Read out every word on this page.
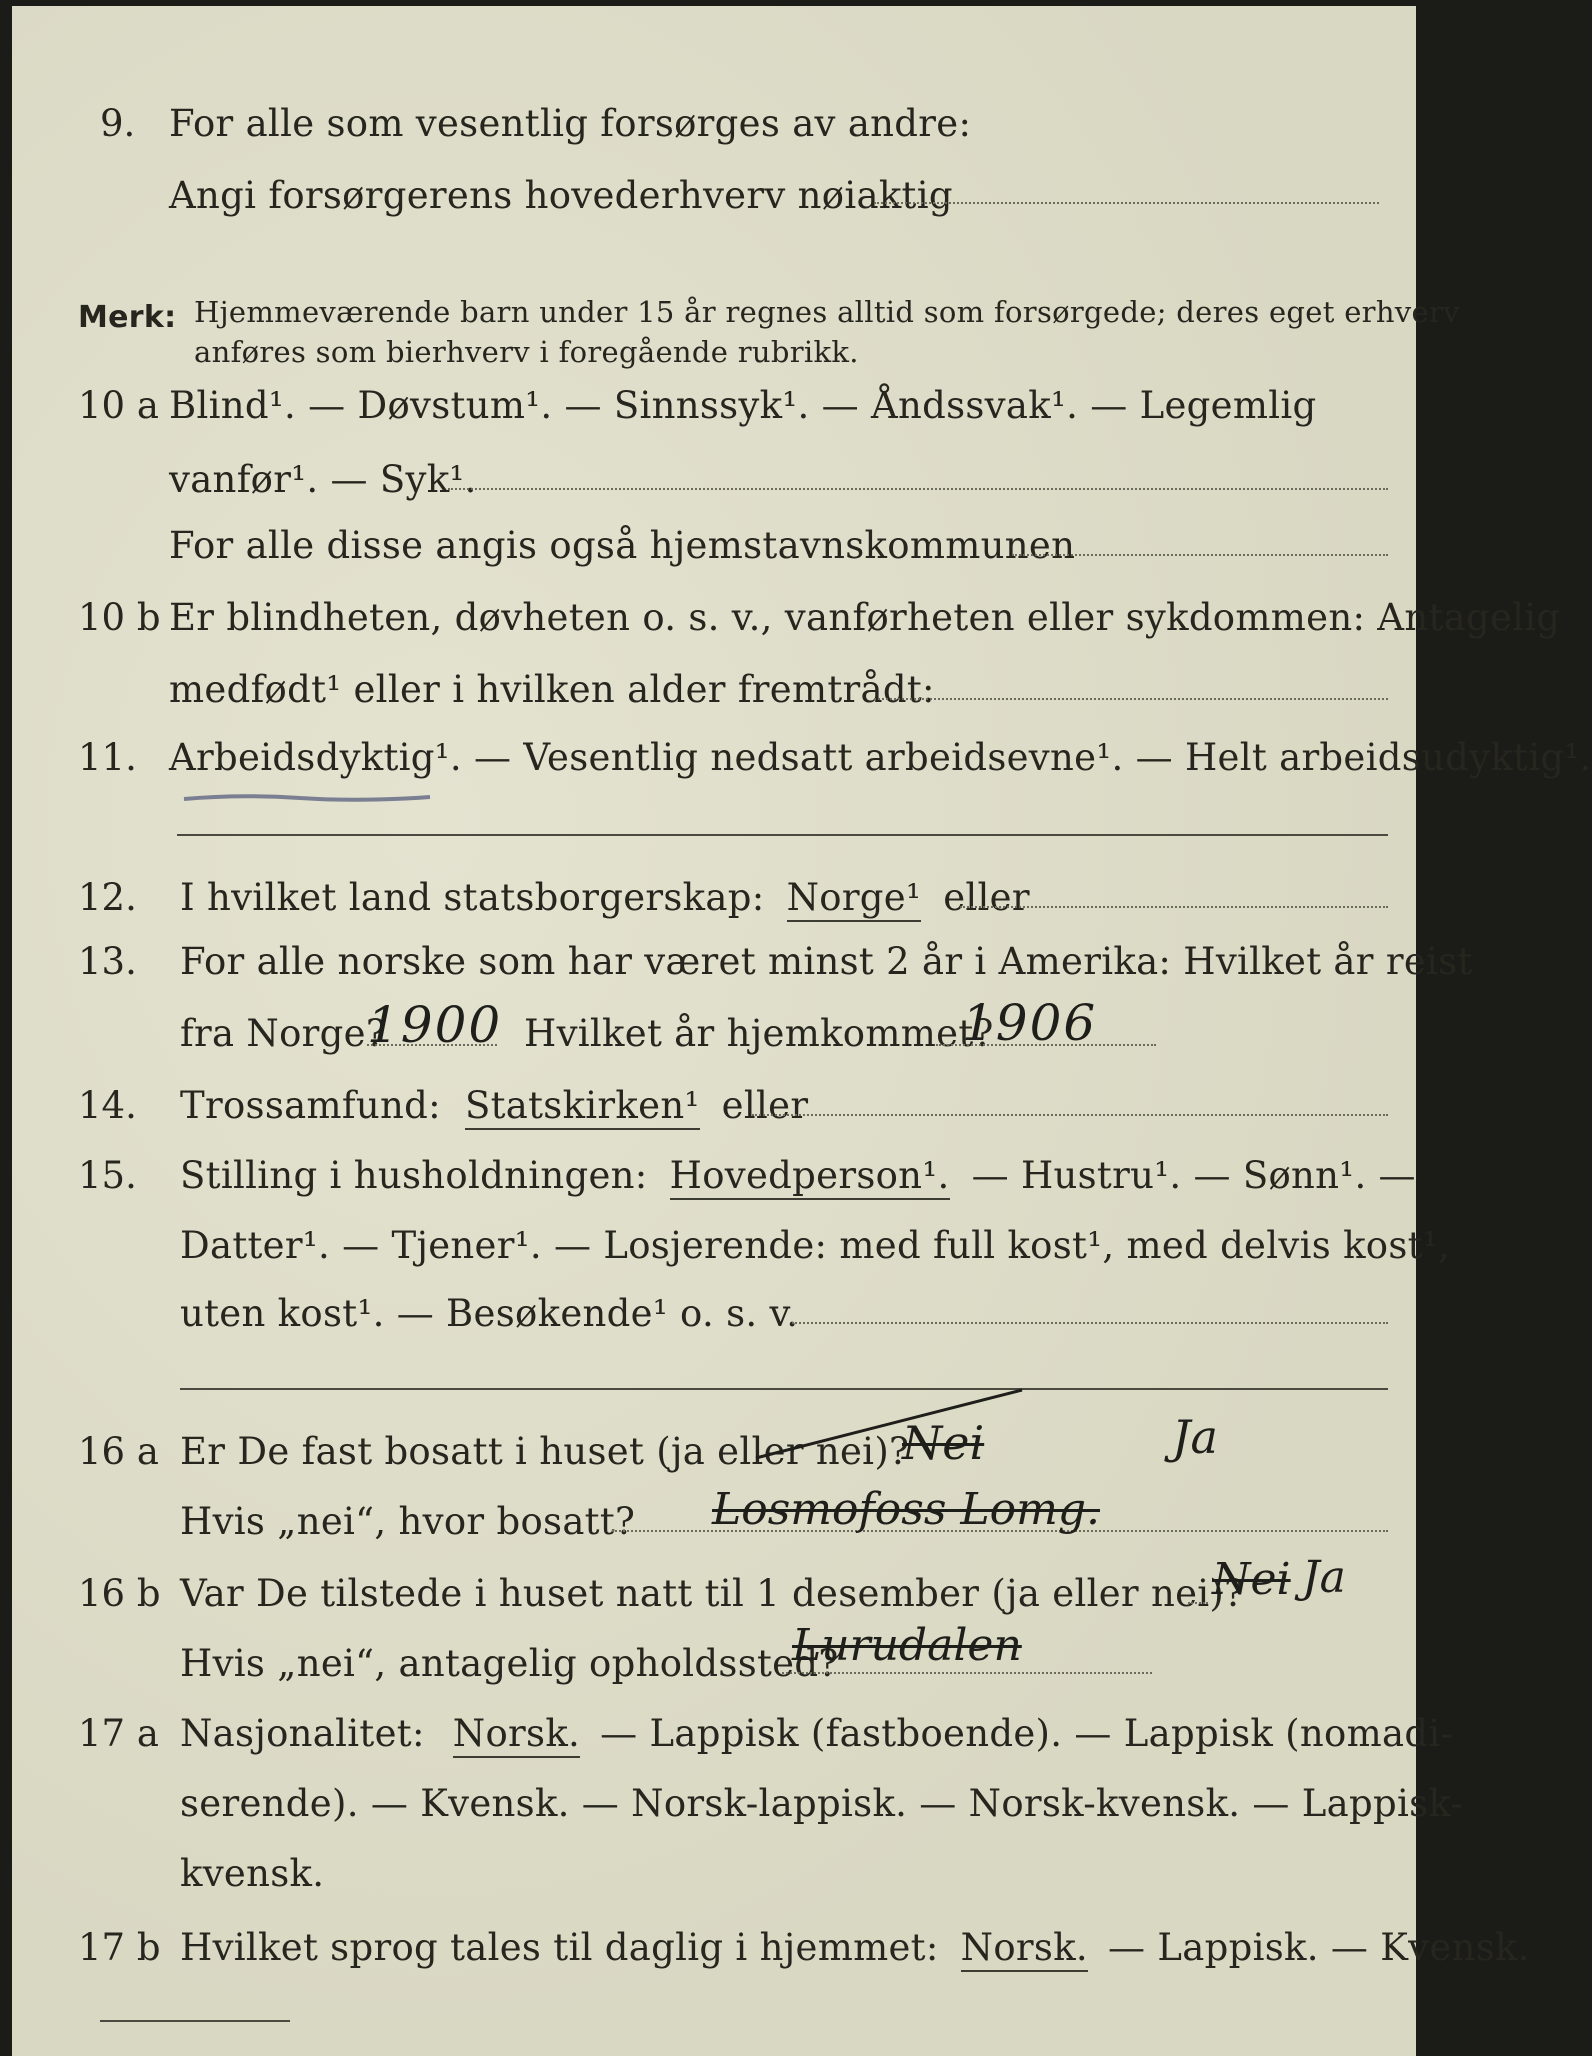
9. For alle som vesentlig forsørges av andre:
Angi forsørgerens hovederhverv nøiaktig
Merk: Hjemmeværende barn under 15 år regnes alltid som forsørgede; deres eget erhverv
anføres som bierhverv i foregående rubrikk.
10 a Blind¹. — Døvstum¹. — Sinnssyk¹. — Åndssvak¹. — Legemlig
vanfør¹. — Syk¹.
For alle disse angis også hjemstavnskommunen
10 b Er blindheten, døvheten o. s. v., vanførheten eller sykdommen: Antagelig
medfødt¹ eller i hvilken alder fremtrådt:
11. Arbeidsdyktig¹. — Vesentlig nedsatt arbeidsevne¹. — Helt arbeidsudyktig¹.
12. I hvilket land statsborgerskap: Norge¹ eller
13. For alle norske som har været minst 2 år i Amerika: Hvilket år reist
fra Norge?
1900 Hvilket år hjemkommet?
1906
14. Trossamfund: Statskirken¹ eller
15. Stilling i husholdningen: Hovedperson¹. — Hustru¹. — Sønn¹. —
Datter¹. — Tjener¹. — Losjerende: med full kost¹, med delvis kost¹,
uten kost¹. — Besøkende¹ o. s. v.
16 a Er De fast bosatt i huset (ja eller nei)?
Nei	Ja
Hvis „nei“, hvor bosatt? Losmofoss Lomg.
16 b Var De tilstede i huset natt til 1 desember (ja eller nei)?
Nei Ja
Hvis „nei“, antagelig opholdssted?
Lurudalen
17 a Nasjonalitet: Norsk. — Lappisk (fastboende). — Lappisk (nomadi-
serende). — Kvensk. — Norsk-lappisk. — Norsk-kvensk. — Lappisk-
kvensk.
17 b Hvilket sprog tales til daglig i hjemmet: Norsk. — Lappisk. — Kvensk.
